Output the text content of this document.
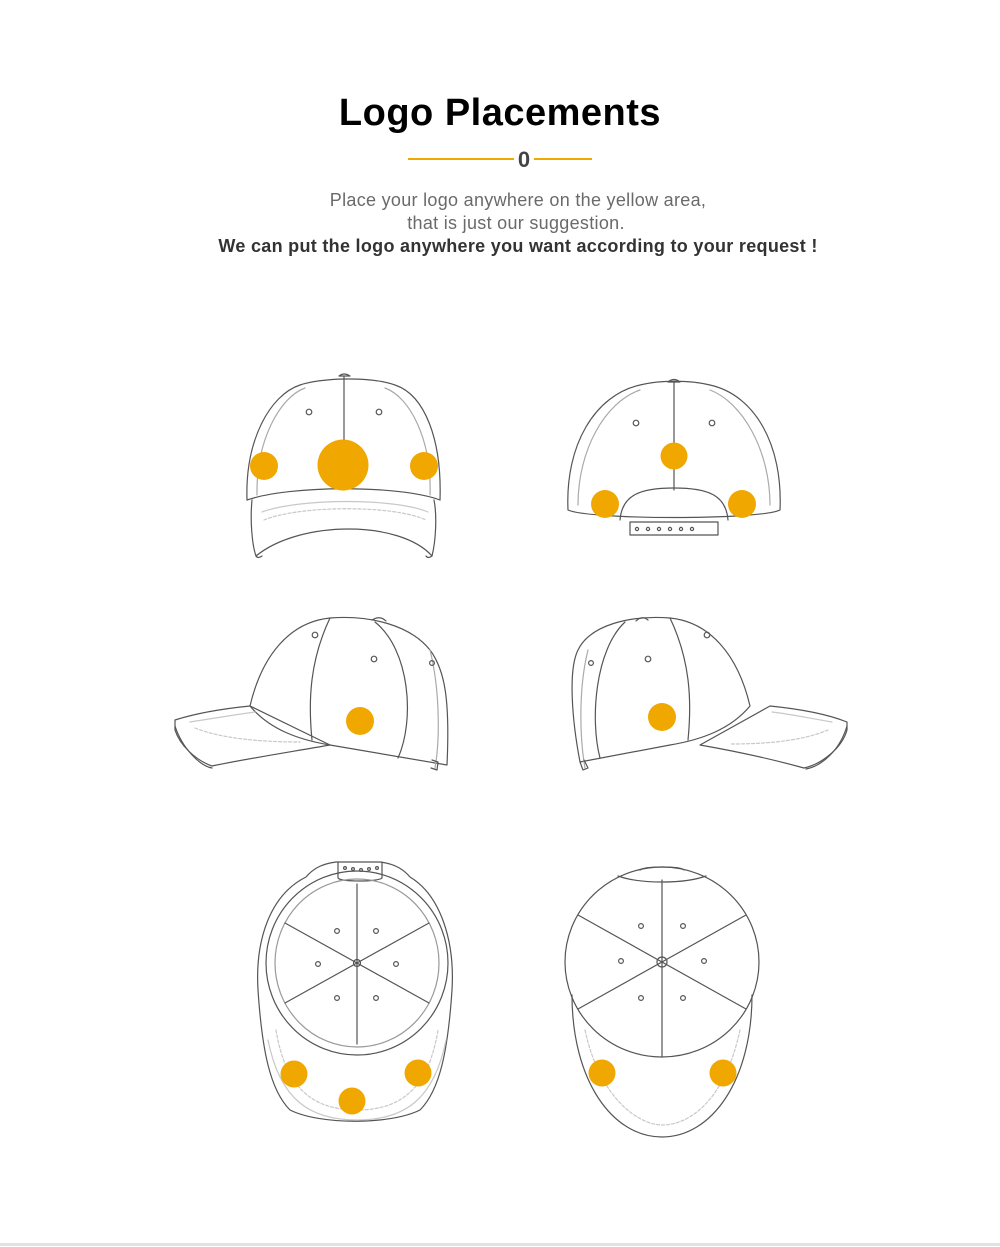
Logo Placements
0
Place your logo anywhere on the yellow area,
that is just our suggestion.
We can put the logo anywhere you want according to your request !
